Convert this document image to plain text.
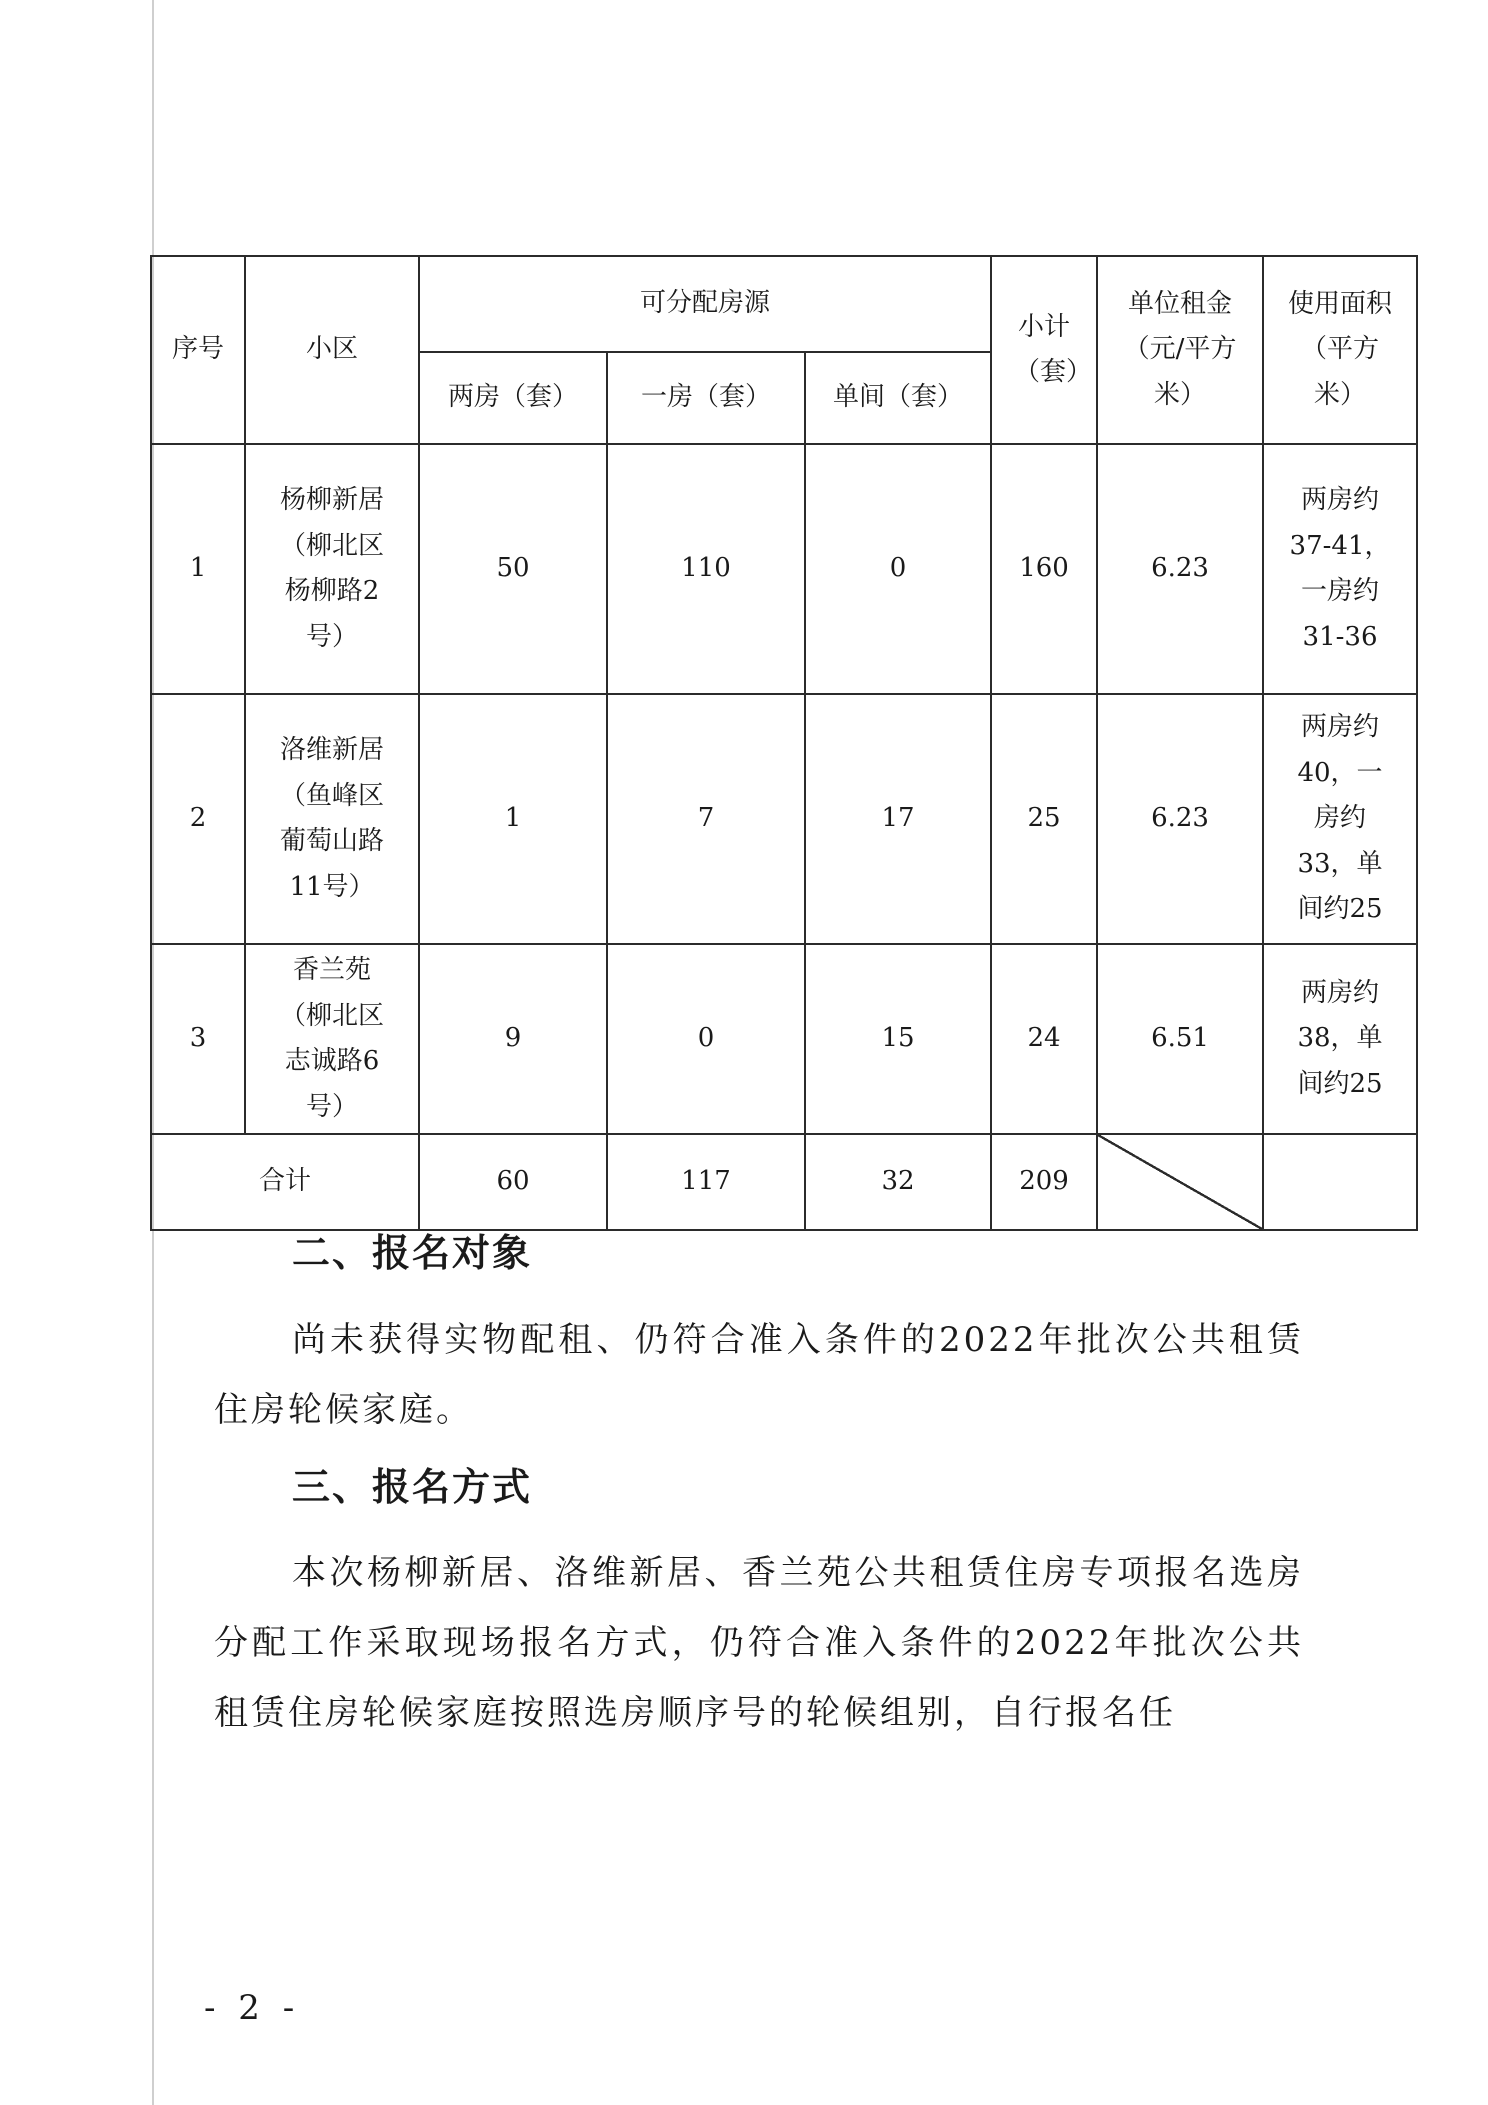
序号	小区	可分配房源			小计（套）	单位租金（元/平方米）	使用面积（平方米）
		两房（套）	一房（套）	单间（套）			
1	杨柳新居（柳北区杨柳路2号）	50	110	0	160	6.23	两房约37-41，一房约31-36
2	洛维新居（鱼峰区葡萄山路11号）	1	7	17	25	6.23	两房约40，一房约33，单间约25
3	香兰苑（柳北区志诚路6号）	9	0	15	24	6.51	两房约38，单间约25
合计		60	117	32	209		
二、报名对象

尚未获得实物配租、仍符合准入条件的2022年批次公共租赁住房轮候家庭。

三、报名方式

本次杨柳新居、洛维新居、香兰苑公共租赁住房专项报名选房分配工作采取现场报名方式，仍符合准入条件的2022年批次公共租赁住房轮候家庭按照选房顺序号的轮候组别，自行报名任

- 2 -
